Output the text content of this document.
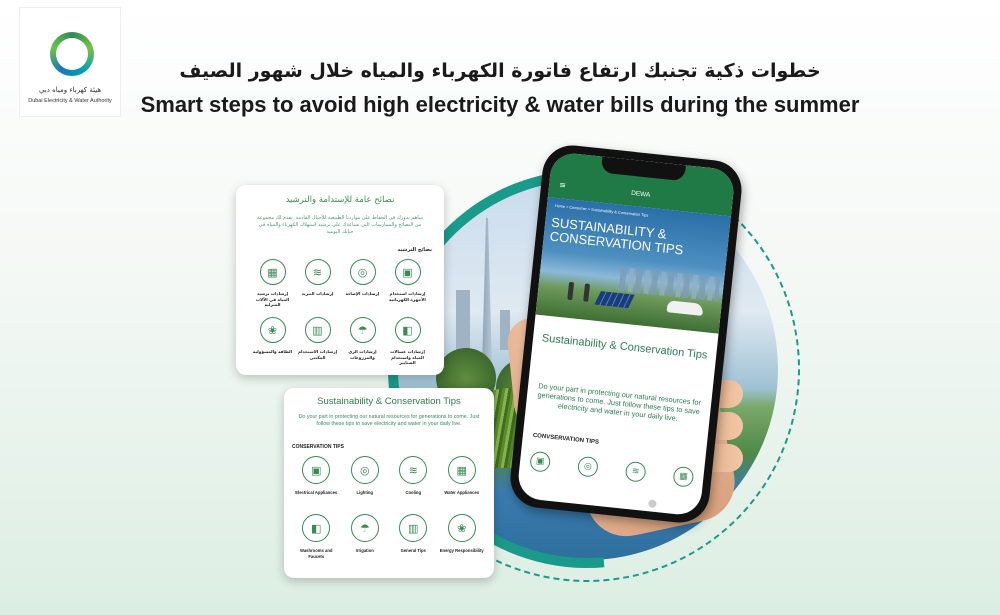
هيئة كهرباء ومياه دبي
Dubai Electricity & Water Authority
خطوات ذكية تجنبك ارتفاع فاتورة الكهرباء والمياه خلال شهور الصيف
Smart steps to avoid high electricity & water bills during the summer
نصائح عامة للإستدامة والترشيد
ساهم بدورك في الحفاظ على مواردنا الطبيعية للأجيال القادمة. نقدم لك مجموعة من النصائح والممارسات التي تساعدك على ترشيد استهلاك الكهرباء والمياه في حياتك اليومية
نصائح الترشيد
▣
إرشادات استخدام الأجهزة الكهربائية
◎
إرشادات الإضاءة
≋
إرشادات التبريد
▦
إرشادات ترشيد المياه في الآلات المنزلية
◧
إرشادات غسالات المياه واستخدام الصنابير
☂
إرشادات الري والمزروعات
▥
إرشادات الاستخدام المكتبي
❀
الطاقة والمسؤولية
Sustainability & Conservation Tips
Do your part in protecting our natural resources for generations to come. Just follow these tips to save electricity and water in your daily live.
CONSERVATION TIPS
▣
Electrical Appliances
◎
Lighting
≋
Cooling
▦
Water Appliances
◧
Washrooms and Faucets
☂
Irrigation
▥
General Tips
❀
Energy Responsibility
≡
DEWA
Home > Consumer > Sustainability & Conservation Tips
SUSTAINABILITY & CONSERVATION TIPS
Sustainability & Conservation Tips
Do your part in protecting our natural resources for generations to come. Just follow these tips to save electricity and water in your daily live.
CONVSERVATION TIPS
▣	◎	≋	▦
